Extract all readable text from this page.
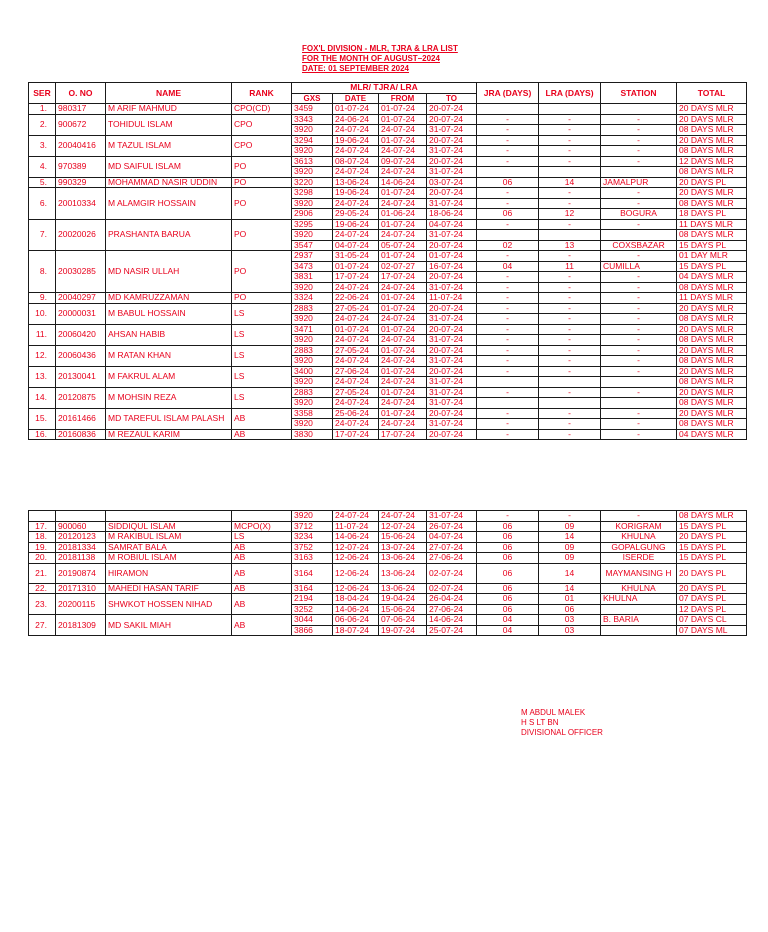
FOX'L DIVISION - MLR, TJRA & LRA LIST
FOR THE MONTH OF AUGUST–2024
DATE: 01 SEPTEMBER 2024
SER	O. NO	NAME	RANK	MLR/ TJRA/ LRA				JRA (DAYS)	LRA (DAYS)	STATION	TOTAL
				GXS	DATE	FROM	TO				
1.	980317	M ARIF MAHMUD	CPO(CD)	3459	01-07-24	01-07-24	20-07-24				20 DAYS MLR
2.	900672	TOHIDUL ISLAM	CPO	3343	24-06-24	01-07-24	20-07-24	-	-	-	20 DAYS MLR
				3920	24-07-24	24-07-24	31-07-24	-	-	-	08 DAYS MLR
3.	20040416	M TAZUL ISLAM	CPO	3294	19-06-24	01-07-24	20-07-24	-	-	-	20 DAYS MLR
				3920	24-07-24	24-07-24	31-07-24	-	-	-	08 DAYS MLR
4.	970389	MD SAIFUL ISLAM	PO	3613	08-07-24	09-07-24	20-07-24	-	-	-	12 DAYS MLR
				3920	24-07-24	24-07-24	31-07-24				08 DAYS MLR
5.	990329	MOHAMMAD NASIR UDDIN	PO	3220	13-06-24	14-06-24	03-07-24	06	14	JAMALPUR	20 DAYS PL
6.	20010334	M ALAMGIR HOSSAIN	PO	3298	19-06-24	01-07-24	20-07-24	-	-	-	20 DAYS MLR
				3920	24-07-24	24-07-24	31-07-24	-	-	-	08 DAYS MLR
				2906	29-05-24	01-06-24	18-06-24	06	12	BOGURA	18 DAYS PL
7.	20020026	PRASHANTA BARUA	PO	3295	19-06-24	01-07-24	04-07-24	-	-	-	11 DAYS MLR
				3920	24-07-24	24-07-24	31-07-24				08 DAYS MLR
				3547	04-07-24	05-07-24	20-07-24	02	13	COXSBAZAR	15 DAYS PL
8.	20030285	MD NASIR ULLAH	PO	2937	31-05-24	01-07-24	01-07-24	-	-	-	01 DAY MLR
				3473	01-07-24	02-07-27	16-07-24	04	11	CUMILLA	15 DAYS PL
				3831	17-07-24	17-07-24	20-07-24	-	-	-	04 DAYS MLR
				3920	24-07-24	24-07-24	31-07-24	-	-	-	08 DAYS MLR
9.	20040297	MD KAMRUZZAMAN	PO	3324	22-06-24	01-07-24	11-07-24	-	-	-	11 DAYS MLR
10.	20000031	M BABUL HOSSAIN	LS	2883	27-05-24	01-07-24	20-07-24	-	-	-	20 DAYS MLR
				3920	24-07-24	24-07-24	31-07-24	-	-	-	08 DAYS MLR
11.	20060420	AHSAN HABIB	LS	3471	01-07-24	01-07-24	20-07-24	-	-	-	20 DAYS MLR
				3920	24-07-24	24-07-24	31-07-24	-	-	-	08 DAYS MLR
12.	20060436	M RATAN KHAN	LS	2883	27-05-24	01-07-24	20-07-24	-	-	-	20 DAYS MLR
				3920	24-07-24	24-07-24	31-07-24	-	-	-	08 DAYS MLR
13.	20130041	M FAKRUL ALAM	LS	3400	27-06-24	01-07-24	20-07-24	-	-	-	20 DAYS MLR
				3920	24-07-24	24-07-24	31-07-24				08 DAYS MLR
14.	20120875	M MOHSIN REZA	LS	2883	27-05-24	01-07-24	31-07-24	-	-	-	20 DAYS MLR
				3920	24-07-24	24-07-24	31-07-24				08 DAYS MLR
15.	20161466	MD TAREFUL ISLAM PALASH	AB	3358	25-06-24	01-07-24	20-07-24	-	-	-	20 DAYS MLR
				3920	24-07-24	24-07-24	31-07-24	-	-	-	08 DAYS MLR
16.	20160836	M REZAUL KARIM	AB	3830	17-07-24	17-07-24	20-07-24	-	-	-	04 DAYS MLR
				3920	24-07-24	24-07-24	31-07-24	-	-	-	08 DAYS MLR
17.	900060	SIDDIQUL ISLAM	MCPO(X)	3712	11-07-24	12-07-24	26-07-24	06	09	KORIGRAM	15 DAYS PL
18.	20120123	M RAKIBUL ISLAM	LS	3234	14-06-24	15-06-24	04-07-24	06	14	KHULNA	20 DAYS PL
19.	20181334	SAMRAT BALA	AB	3752	12-07-24	13-07-24	27-07-24	06	09	GOPALGUNG	15 DAYS PL
20.	20181138	M ROBIUL ISLAM	AB	3163	12-06-24	13-06-24	27-06-24	06	09	ISERDE	15 DAYS PL
21.	20190874	HIRAMON	AB	3164	12-06-24	13-06-24	02-07-24	06	14	MAYMANSING H	20 DAYS PL
22.	20171310	MAHEDI HASAN TARIF	AB	3164	12-06-24	13-06-24	02-07-24	06	14	KHULNA	20 DAYS PL
23.	20200115	SHWKOT HOSSEN NIHAD	AB	2194	18-04-24	19-04-24	26-04-24	06	01	KHULNA	07 DAYS PL
				3252	14-06-24	15-06-24	27-06-24	06	06		12 DAYS PL
27.	20181309	MD SAKIL MIAH	AB	3044	06-06-24	07-06-24	14-06-24	04	03	B. BARIA	07 DAYS CL
				3866	18-07-24	19-07-24	25-07-24	04	03		07 DAYS ML
M ABDUL MALEK
H S LT BN
DIVISIONAL OFFICER
